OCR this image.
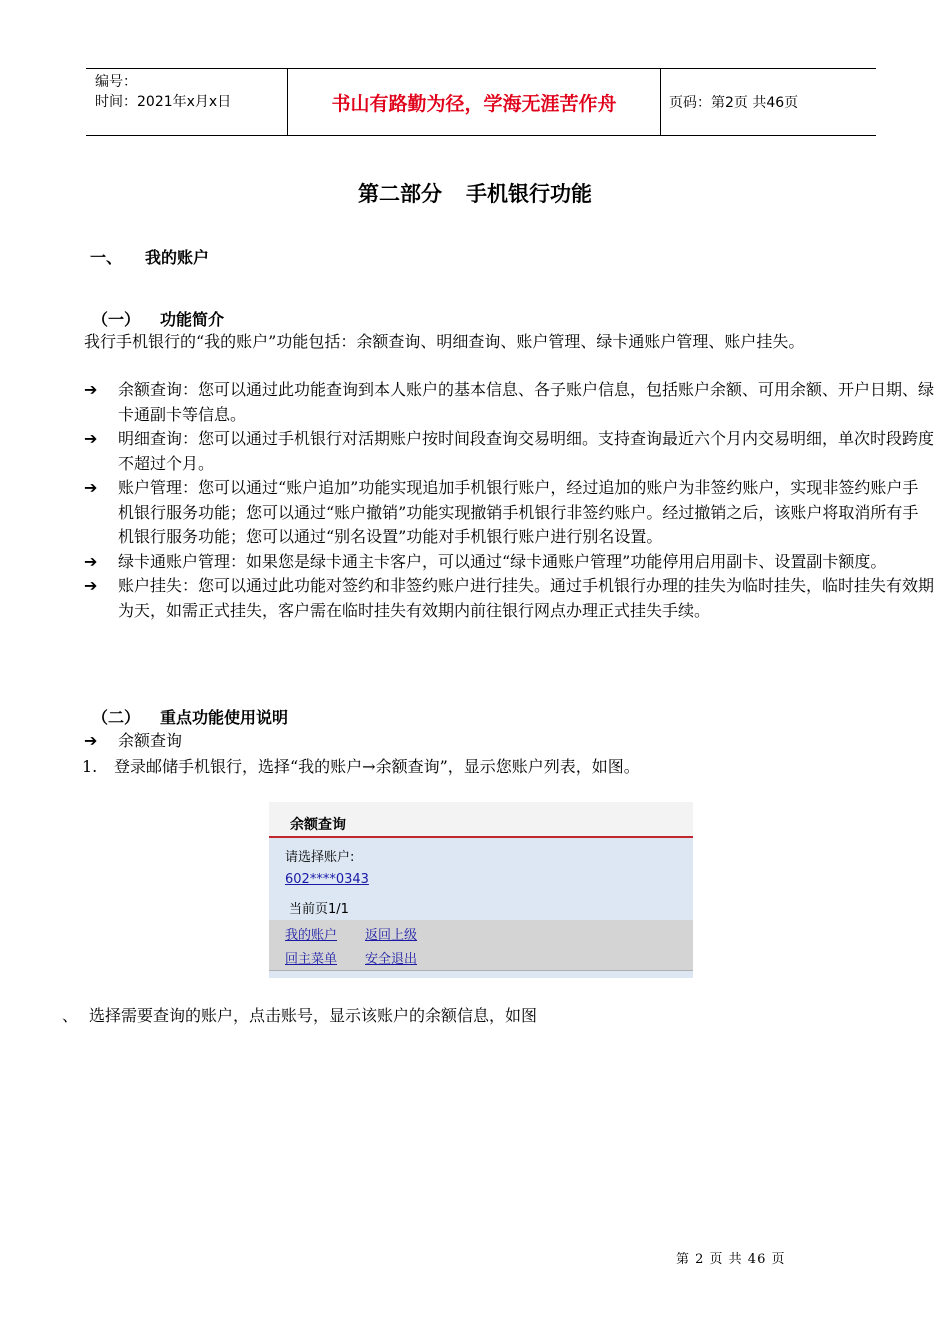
编号：
时间：2021年x月x日	书山有路勤为径，学海无涯苦作舟	页码：第2页 共46页
第二部分 手机银行功能
一、 我的账户
（一） 功能简介
我行手机银行的“我的账户”功能包括：余额查询、明细查询、账户管理、绿卡通账户管理、账户挂失。
➔ 余额查询：您可以通过此功能查询到本人账户的基本信息、各子账户信息，包括账户余额、可用余额、开户日期、绿卡通副卡等信息。
➔ 明细查询：您可以通过手机银行对活期账户按时间段查询交易明细。支持查询最近六个月内交易明细，单次时段跨度不超过个月。
➔ 账户管理：您可以通过“账户追加”功能实现追加手机银行账户，经过追加的账户为非签约账户，实现非签约账户手机银行服务功能；您可以通过“账户撤销”功能实现撤销手机银行非签约账户。经过撤销之后，该账户将取消所有手机银行服务功能；您可以通过“别名设置”功能对手机银行账户进行别名设置。
➔ 绿卡通账户管理：如果您是绿卡通主卡客户，可以通过“绿卡通账户管理”功能停用启用副卡、设置副卡额度。
➔ 账户挂失：您可以通过此功能对签约和非签约账户进行挂失。通过手机银行办理的挂失为临时挂失，临时挂失有效期为天，如需正式挂失，客户需在临时挂失有效期内前往银行网点办理正式挂失手续。
（二） 重点功能使用说明
➔ 余额查询
1. 登录邮储手机银行，选择“我的账户→余额查询”，显示您账户列表，如图。
余额查询
请选择账户:
602****0343
当前页1/1
我的账户 返回上级
回主菜单 安全退出
、 选择需要查询的账户，点击账号，显示该账户的余额信息，如图
第 2 页 共 46 页
